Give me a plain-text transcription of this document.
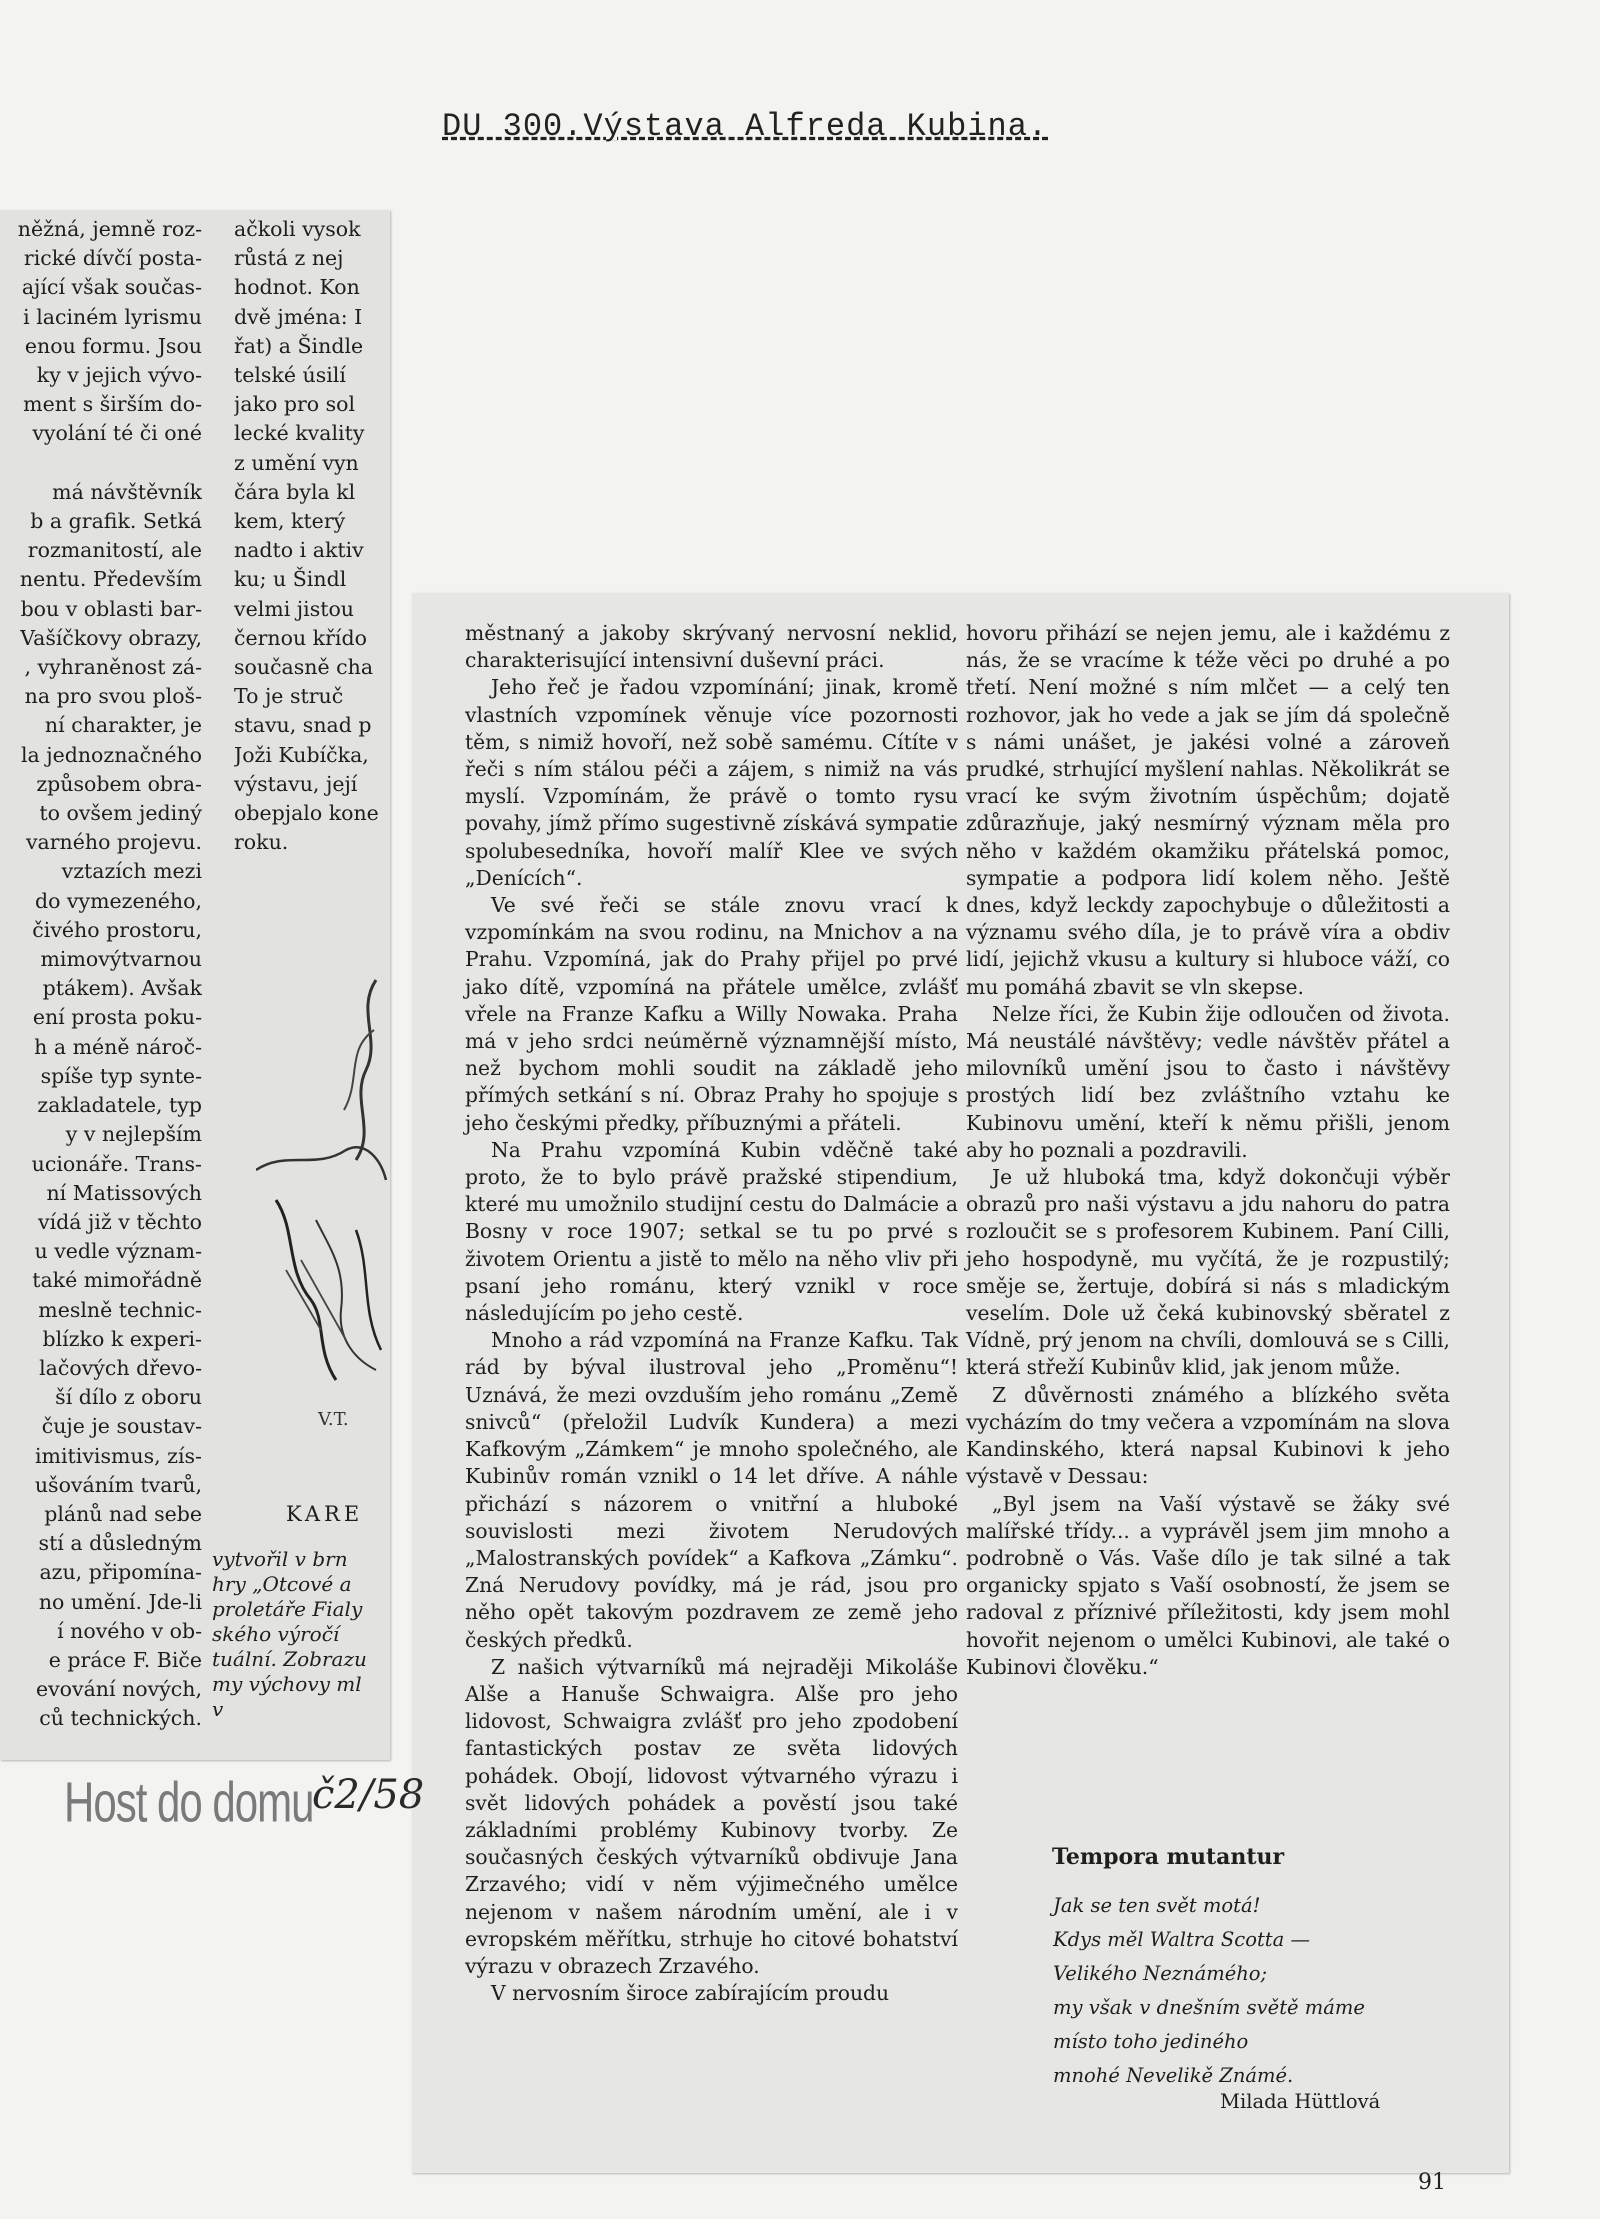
DU 300.Výstava Alfreda Kubina.
něžná, jemně roz-
rické dívčí posta-
ající však součas-
i laciném lyrismu
enou formu. Jsou
ky v jejich vývo-
ment s širším do-
vyolání té či oné

má návštěvník
b a grafik. Setká
rozmanitostí, ale
nentu. Především
bou v oblasti bar-
Vašíčkovy obrazy,
, vyhraněnost zá-
na pro svou ploš-
ní charakter, je
la jednoznačného
způsobem obra-
to ovšem jediný
varného projevu.
vztazích mezi
do vymezeného,
čivého prostoru,
mimovýtvarnou
ptákem). Avšak
ení prosta poku-
h a méně nároč-
spíše typ synte-
zakladatele, typ
y v nejlepším
ucionáře. Trans-
ní Matissových
vídá již v těchto
u vedle význam-
také mimořádně
meslně technic-
blízko k experi-
lačových dřevo-
ší dílo z oboru
čuje je soustav-
imitivismus, zís-
ušováním tvarů,
plánů nad sebe
stí a důsledným
azu, připomína-
no umění. Jde-li
í nového v ob-
e práce F. Biče
evování nových,
ců technických.
ačkoli vysok
růstá z nej
hodnot. Kon
dvě jména: I
řat) a Šindle
telské úsilí
jako pro sol
lecké kvality
z umění vyn
čára byla kl
kem, který
nadto i aktiv
ku; u Šindl
velmi jistou
černou křído
současně cha
To je struč
stavu, snad p
Joži Kubíčka,
výstavu, její
obepjalo kone
roku.
V.T.
KARE
vytvořil v brn
hry „Otcové a
proletáře Fialy
ského výročí
tuální. Zobrazu
my výchovy ml
v
Host do domu
č2/58

městnaný a jakoby skrývaný nervosní neklid, charakterisující intensivní duševní práci.

Jeho řeč je řadou vzpomínání; jinak, kromě vlastních vzpomínek věnuje více pozornosti těm, s nimiž hovoří, než sobě samému. Cítíte v řeči s ním stálou péči a zájem, s nimiž na vás myslí. Vzpomínám, že právě o tomto rysu povahy, jímž přímo sugestivně získává sympatie spolubesedníka, hovoří malíř Klee ve svých „Denících“.

Ve své řeči se stále znovu vrací k vzpomínkám na svou rodinu, na Mnichov a na Prahu. Vzpomíná, jak do Prahy přijel po prvé jako dítě, vzpomíná na přátele umělce, zvlášť vřele na Franze Kafku a Willy Nowaka. Praha má v jeho srdci neúměrně významnější místo, než bychom mohli soudit na základě jeho přímých setkání s ní. Obraz Prahy ho spojuje s jeho českými předky, příbuznými a přáteli.

Na Prahu vzpomíná Kubin vděčně také proto, že to bylo právě pražské stipendium, které mu umožnilo studijní cestu do Dalmácie a Bosny v roce 1907; setkal se tu po prvé s životem Orientu a jistě to mělo na něho vliv při psaní jeho románu, který vznikl v roce následujícím po jeho cestě.

Mnoho a rád vzpomíná na Franze Kafku. Tak rád by býval ilustroval jeho „Proměnu“! Uznává, že mezi ovzduším jeho románu „Země snivců“ (přeložil Ludvík Kundera) a mezi Kafkovým „Zámkem“ je mnoho společného, ale Kubinův román vznikl o 14 let dříve. A náhle přichází s názorem o vnitřní a hluboké souvislosti mezi životem Nerudových „Malostranských povídek“ a Kafkova „Zámku“. Zná Nerudovy povídky, má je rád, jsou pro něho opět takovým pozdravem ze země jeho českých předků.

Z našich výtvarníků má nejraději Mikoláše Alše a Hanuše Schwaigra. Alše pro jeho lidovost, Schwaigra zvlášť pro jeho zpodobení fantastických postav ze světa lidových pohádek. Obojí, lidovost výtvarného výrazu i svět lidových pohádek a pověstí jsou také základními problémy Kubinovy tvorby. Ze současných českých výtvarníků obdivuje Jana Zrzavého; vidí v něm výjimečného umělce nejenom v našem národním umění, ale i v evropském měřítku, strhuje ho citové bohatství výrazu v obrazech Zrzavého.

V nervosním široce zabírajícím proudu

hovoru přihází se nejen jemu, ale i každému z nás, že se vracíme k téže věci po druhé a po třetí. Není možné s ním mlčet — a celý ten rozhovor, jak ho vede a jak se jím dá společně s námi unášet, je jakési volné a zároveň prudké, strhující myšlení nahlas. Několikrát se vrací ke svým životním úspěchům; dojatě zdůrazňuje, jaký nesmírný význam měla pro něho v každém okamžiku přátelská pomoc, sympatie a podpora lidí kolem něho. Ještě dnes, když leckdy zapochybuje o důležitosti a významu svého díla, je to právě víra a obdiv lidí, jejichž vkusu a kultury si hluboce váží, co mu pomáhá zbavit se vln skepse.

Nelze říci, že Kubin žije odloučen od života. Má neustálé návštěvy; vedle návštěv přátel a milovníků umění jsou to často i návštěvy prostých lidí bez zvláštního vztahu ke Kubinovu umění, kteří k němu přišli, jenom aby ho poznali a pozdravili.

Je už hluboká tma, když dokončuji výběr obrazů pro naši výstavu a jdu nahoru do patra rozloučit se s profesorem Kubinem. Paní Cilli, jeho hospodyně, mu vyčítá, že je rozpustilý; směje se, žertuje, dobírá si nás s mladickým veselím. Dole už čeká kubinovský sběratel z Vídně, prý jenom na chvíli, domlouvá se s Cilli, která střeží Kubinův klid, jak jenom může.

Z důvěrnosti známého a blízkého světa vycházím do tmy večera a vzpomínám na slova Kandinského, která napsal Kubinovi k jeho výstavě v Dessau:

„Byl jsem na Vaší výstavě se žáky své malířské třídy... a vyprávěl jsem jim mnoho a podrobně o Vás. Vaše dílo je tak silné a tak organicky spjato s Vaší osobností, že jsem se radoval z příznivé příležitosti, kdy jsem mohl hovořit nejenom o umělci Kubinovi, ale také o Kubinovi člověku.“

Tempora mutantur
Jak se ten svět motá!
Kdys měl Waltra Scotta —
Velikého Neznámého;
my však v dnešním světě máme
místo toho jediného
mnohé Nevelikě Známé.
Milada Hüttlová
91
